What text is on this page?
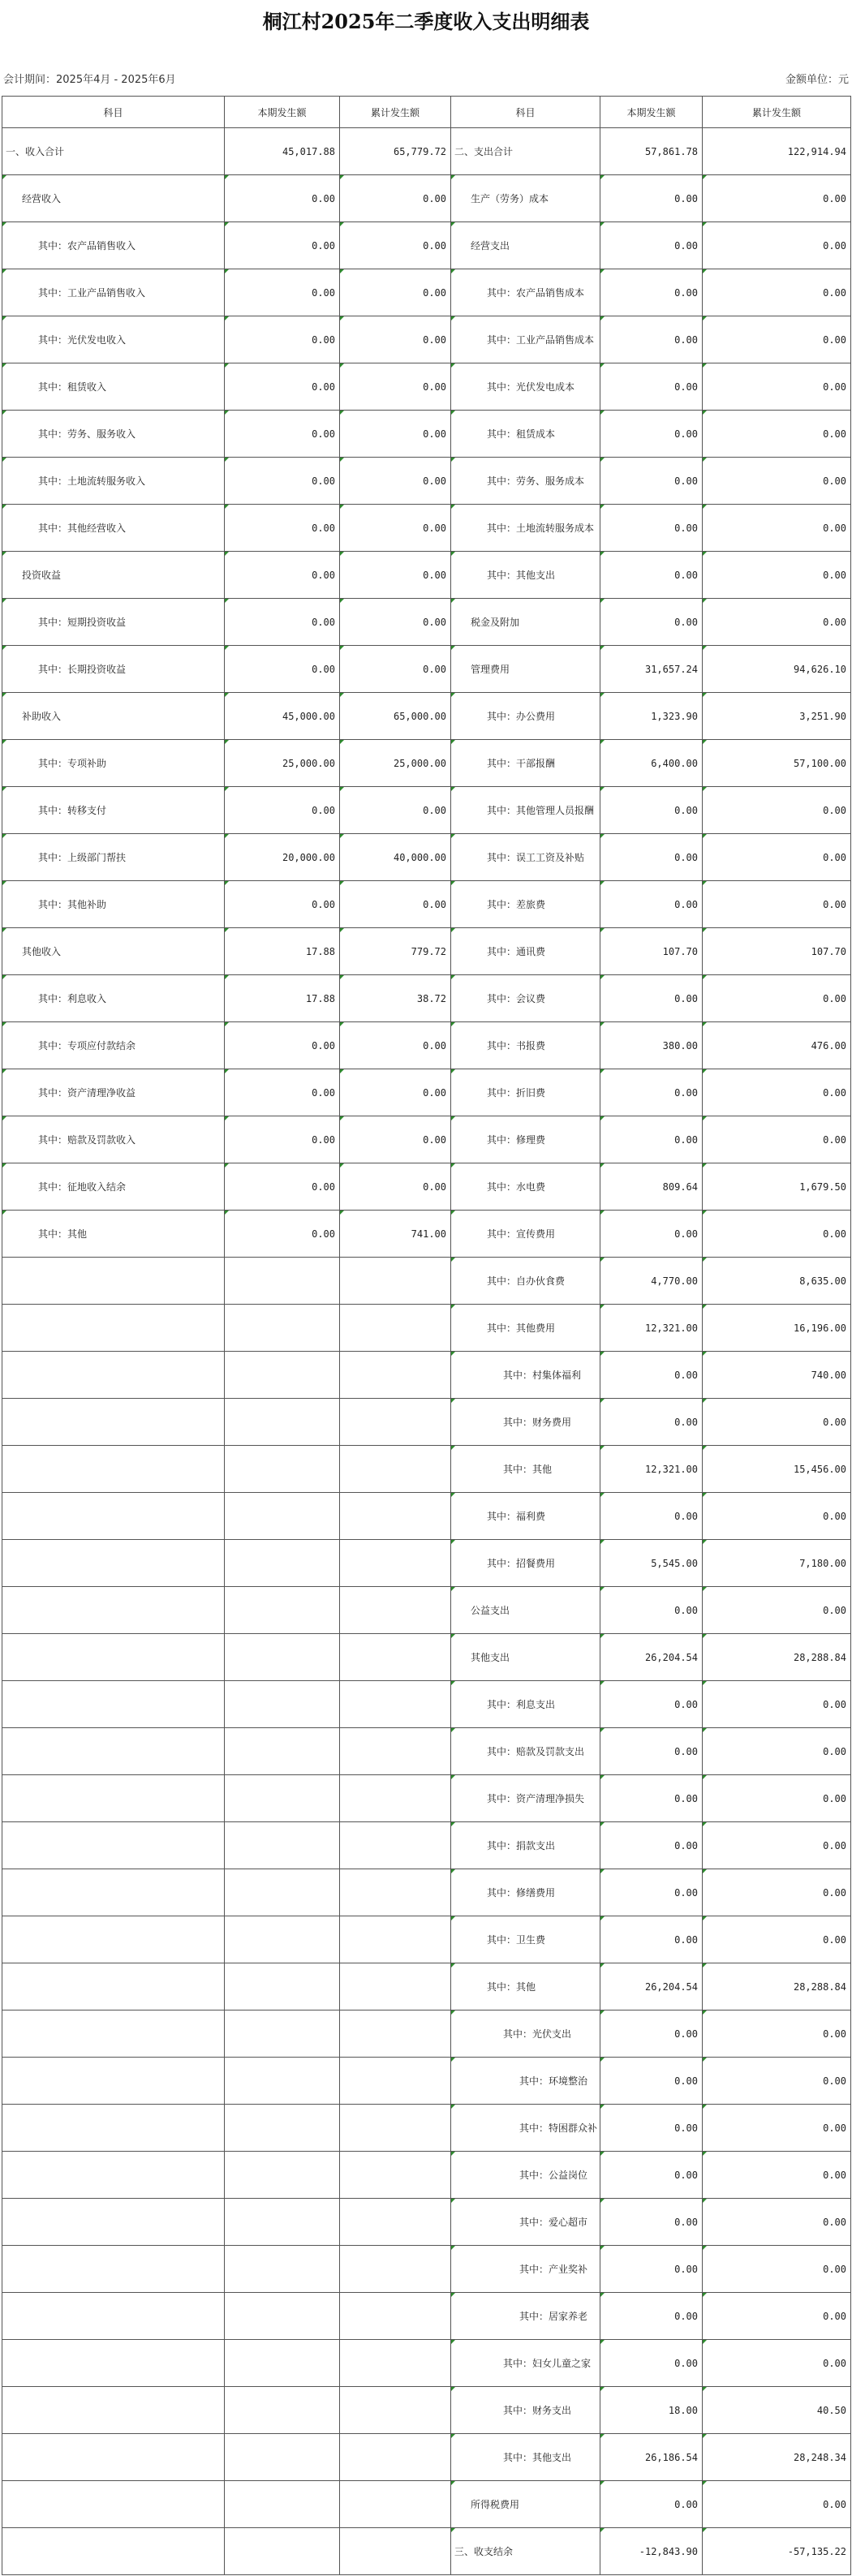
桐江村2025年二季度收入支出明细表
会计期间：2025年4月 - 2025年6月	金额单位：元
科目	本期发生额	累计发生额	科目	本期发生额	累计发生额
一、收入合计	45,017.88	65,779.72	二、支出合计	57,861.78	122,914.94
经营收入	0.00	0.00	生产（劳务）成本	0.00	0.00
其中：农产品销售收入	0.00	0.00	经营支出	0.00	0.00
其中：工业产品销售收入	0.00	0.00	其中：农产品销售成本	0.00	0.00
其中：光伏发电收入	0.00	0.00	其中：工业产品销售成本	0.00	0.00
其中：租赁收入	0.00	0.00	其中：光伏发电成本	0.00	0.00
其中：劳务、服务收入	0.00	0.00	其中：租赁成本	0.00	0.00
其中：土地流转服务收入	0.00	0.00	其中：劳务、服务成本	0.00	0.00
其中：其他经营收入	0.00	0.00	其中：土地流转服务成本	0.00	0.00
投资收益	0.00	0.00	其中：其他支出	0.00	0.00
其中：短期投资收益	0.00	0.00	税金及附加	0.00	0.00
其中：长期投资收益	0.00	0.00	管理费用	31,657.24	94,626.10
补助收入	45,000.00	65,000.00	其中：办公费用	1,323.90	3,251.90
其中：专项补助	25,000.00	25,000.00	其中：干部报酬	6,400.00	57,100.00
其中：转移支付	0.00	0.00	其中：其他管理人员报酬	0.00	0.00
其中：上级部门帮扶	20,000.00	40,000.00	其中：误工工资及补贴	0.00	0.00
其中：其他补助	0.00	0.00	其中：差旅费	0.00	0.00
其他收入	17.88	779.72	其中：通讯费	107.70	107.70
其中：利息收入	17.88	38.72	其中：会议费	0.00	0.00
其中：专项应付款结余	0.00	0.00	其中：书报费	380.00	476.00
其中：资产清理净收益	0.00	0.00	其中：折旧费	0.00	0.00
其中：赔款及罚款收入	0.00	0.00	其中：修理费	0.00	0.00
其中：征地收入结余	0.00	0.00	其中：水电费	809.64	1,679.50
其中：其他	0.00	741.00	其中：宣传费用	0.00	0.00
			其中：自办伙食费	4,770.00	8,635.00
			其中：其他费用	12,321.00	16,196.00
			其中：村集体福利	0.00	740.00
			其中：财务费用	0.00	0.00
			其中：其他	12,321.00	15,456.00
			其中：福利费	0.00	0.00
			其中：招餐费用	5,545.00	7,180.00
			公益支出	0.00	0.00
			其他支出	26,204.54	28,288.84
			其中：利息支出	0.00	0.00
			其中：赔款及罚款支出	0.00	0.00
			其中：资产清理净损失	0.00	0.00
			其中：捐款支出	0.00	0.00
			其中：修缮费用	0.00	0.00
			其中：卫生费	0.00	0.00
			其中：其他	26,204.54	28,288.84
			其中：光伏支出	0.00	0.00
			其中：环境整治	0.00	0.00
			其中：特困群众补	0.00	0.00
			其中：公益岗位	0.00	0.00
			其中：爱心超市	0.00	0.00
			其中：产业奖补	0.00	0.00
			其中：居家养老	0.00	0.00
			其中：妇女儿童之家	0.00	0.00
			其中：财务支出	18.00	40.50
			其中：其他支出	26,186.54	28,248.34
			所得税费用	0.00	0.00
			三、收支结余	-12,843.90	-57,135.22
